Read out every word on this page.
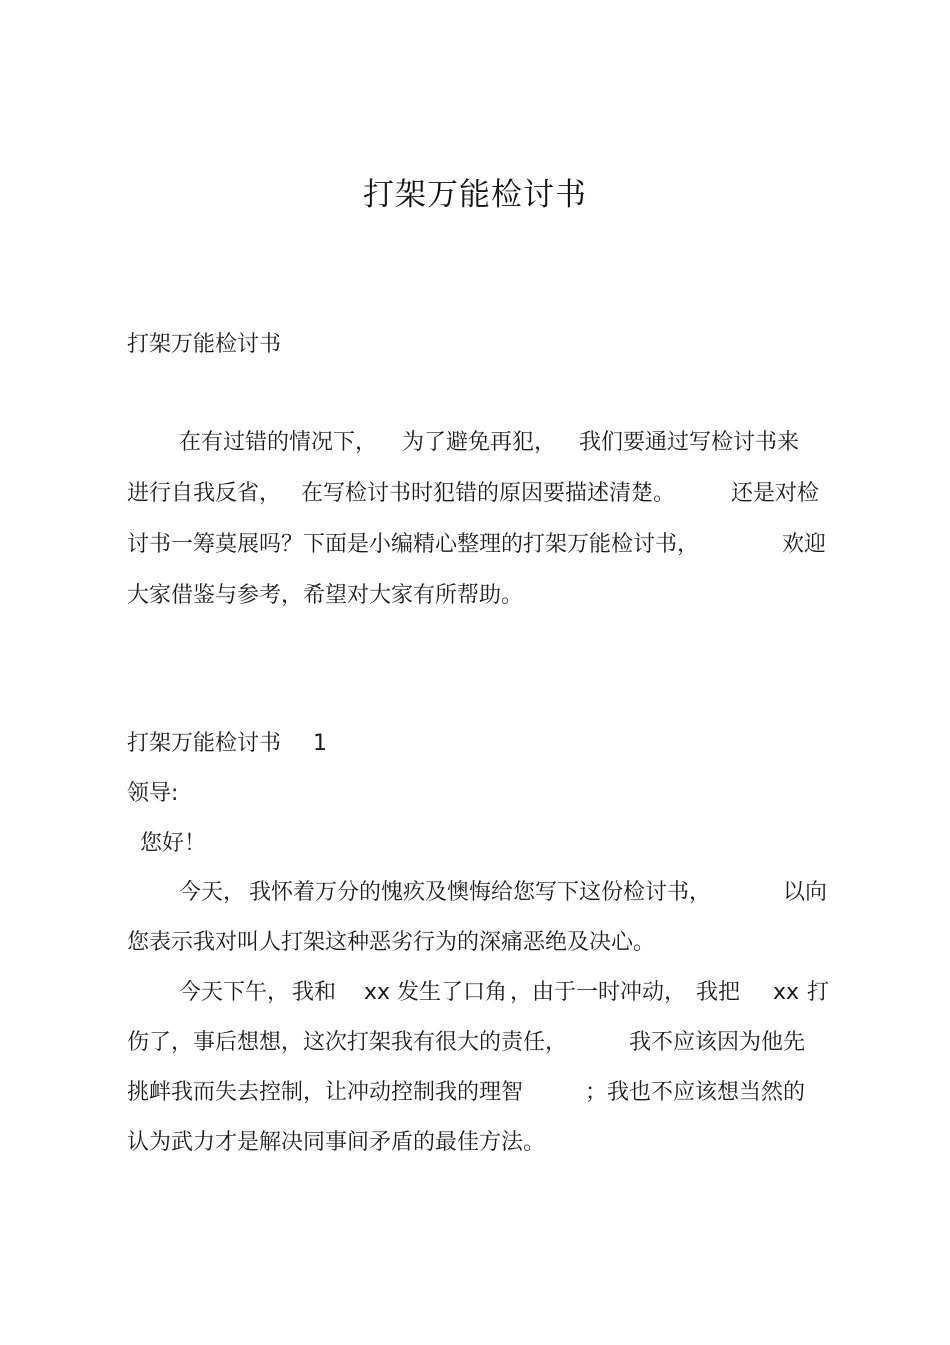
打架万能检讨书
打架万能检讨书

在有过错的情况下，

为了避免再犯，

我们要通过写检讨书来

进行自我反省，

在写检讨书时犯错的原因要描述清楚。

	还是对检

讨书一筹莫展吗？下面是小编精心整理的打架万能检讨书，

	欢迎

大家借鉴与参考，希望对大家有所帮助。

打架万能检讨书

1

领导:
您好！

今天，

我怀着万分的愧疚及懊悔给您写下这份检讨书，

	以向

您表示我对叫人打架这种恶劣行为的深痛恶绝及决心。

今天下午，

我和

xx

发生了口角

，由于一时冲动，

我把

xx

打

伤了，事后想想，这次打架我有很大的责任，

	我不应该因为他先

挑衅我而失去控制，让冲动控制我的理智

	；我也不应该想当然的

认为武力才是解决同事间矛盾的最佳方法。
